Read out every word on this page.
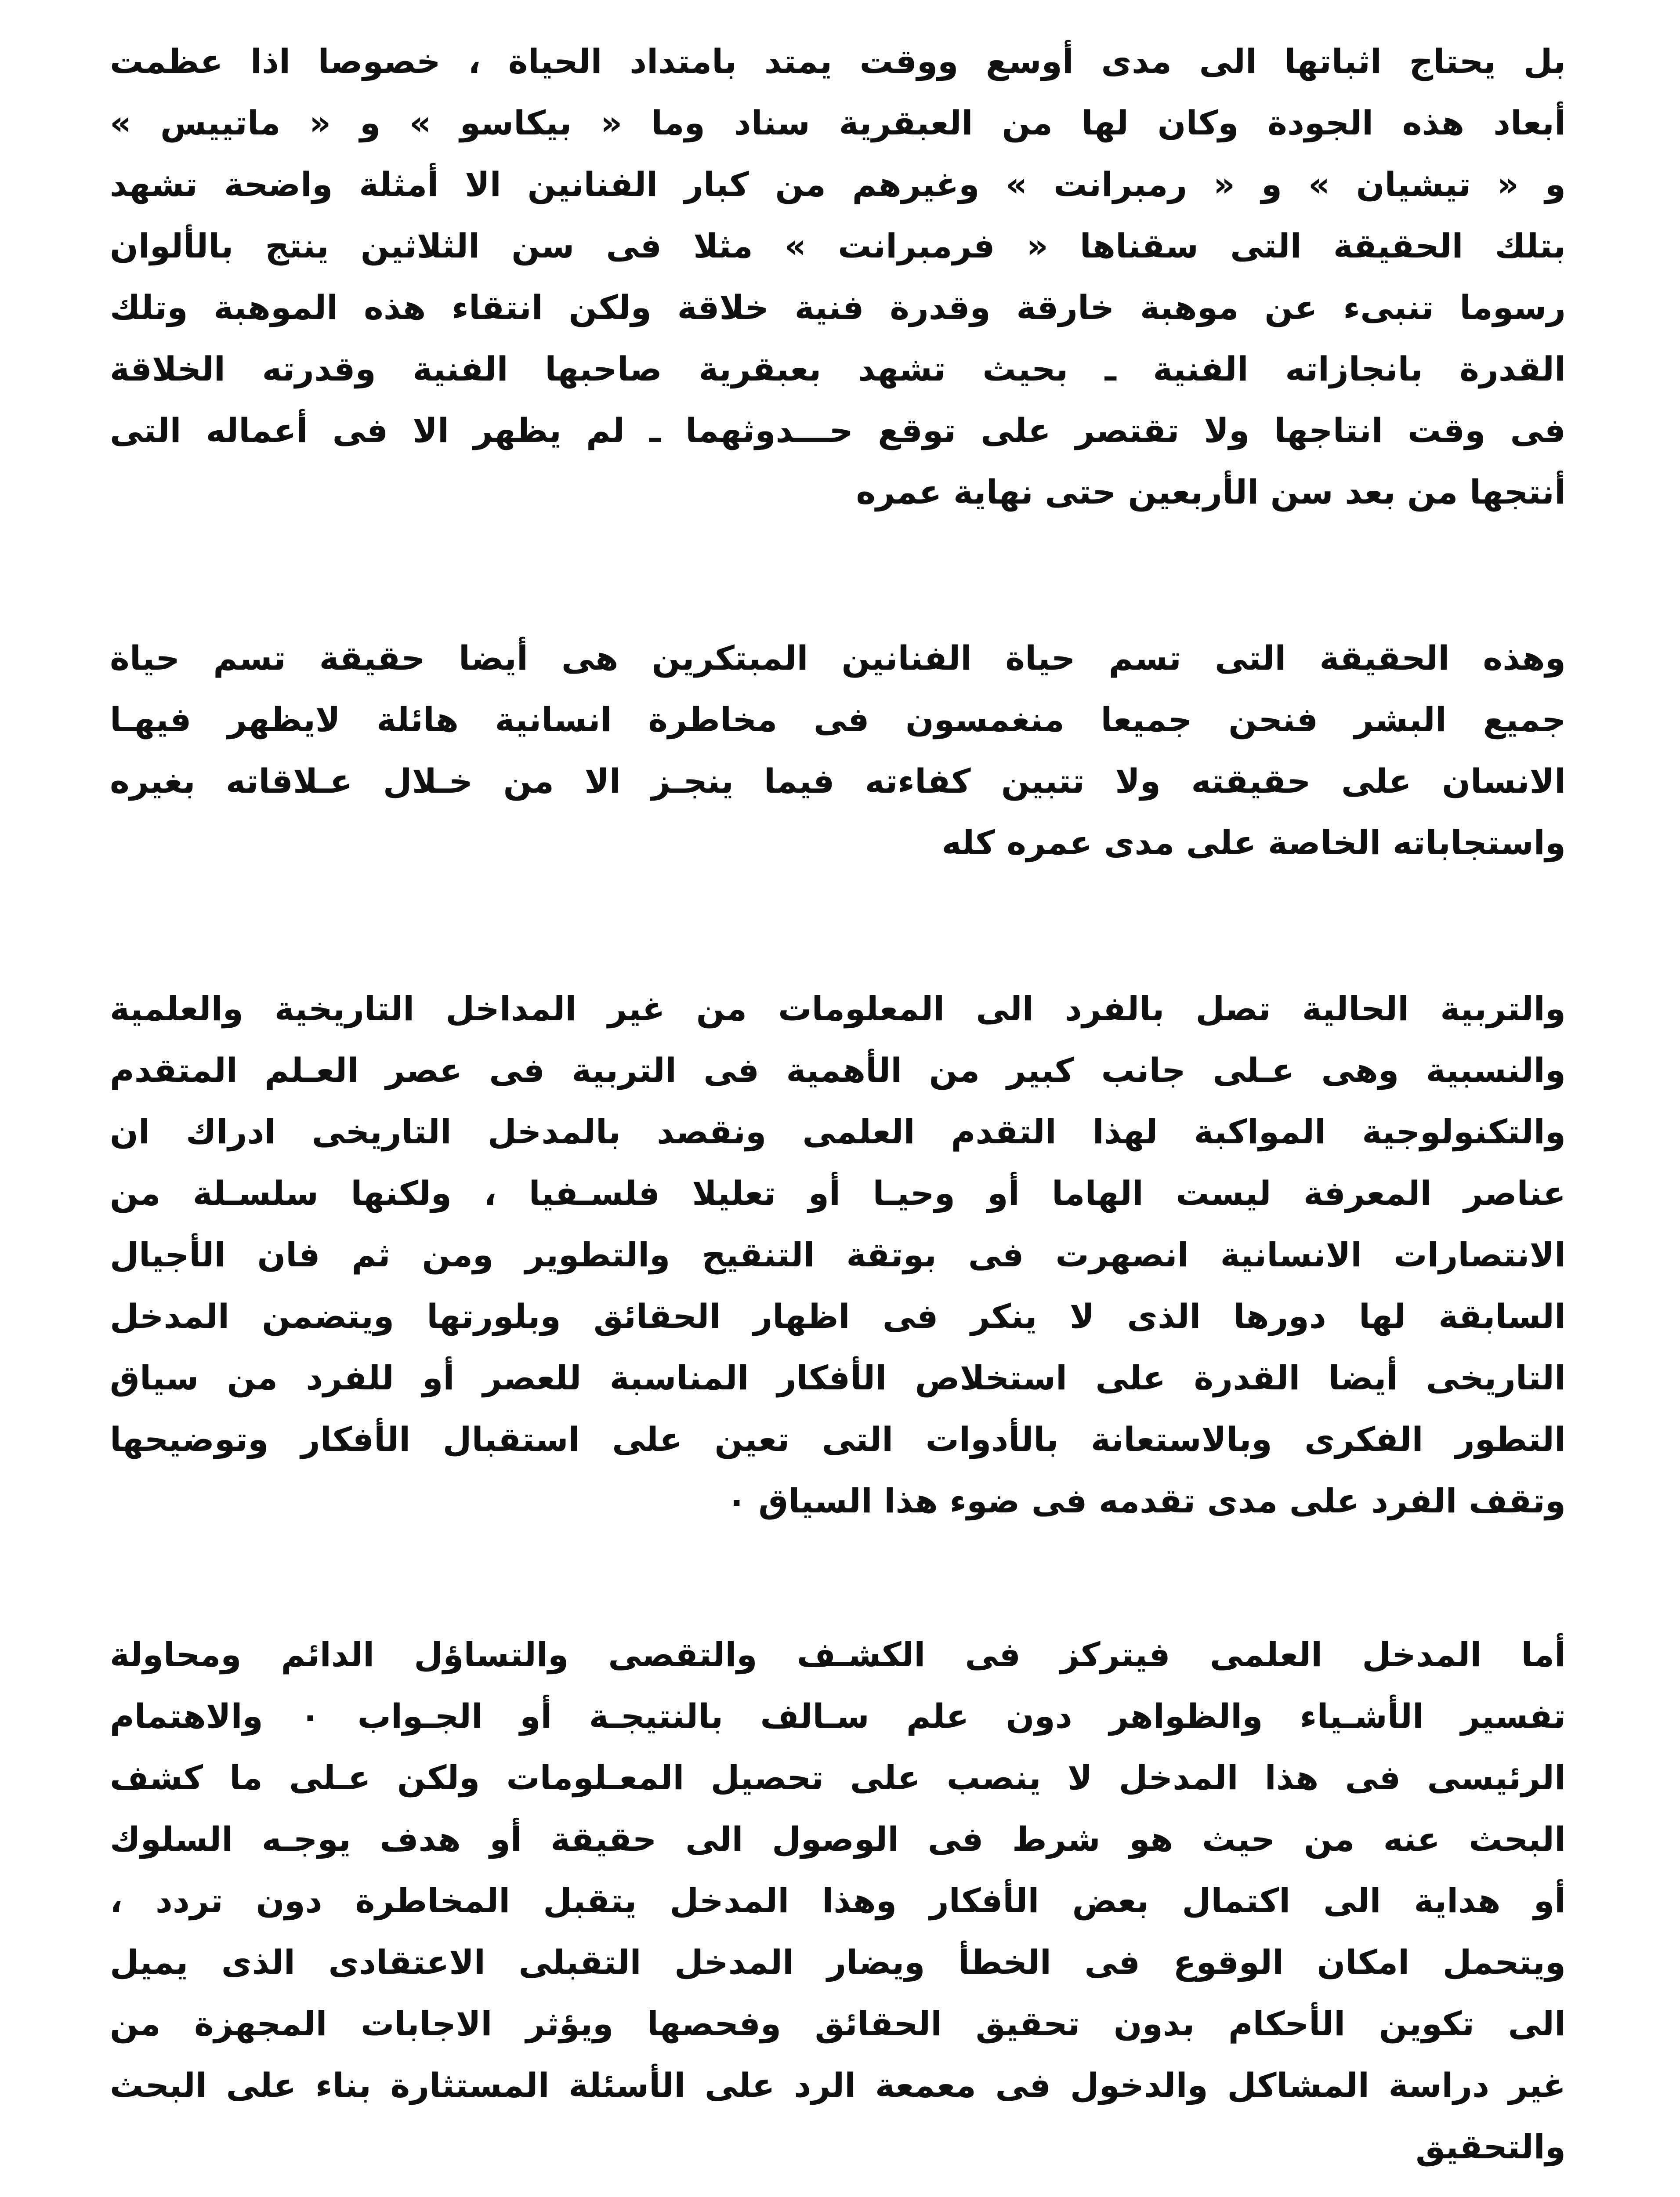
بل يحتاج اثباتها الى مدى أوسع ووقت يمتد بامتداد الحياة ، خصوصا اذا عظمت
أبعاد هذه الجودة وكان لها من العبقرية سناد وما « بيكاسو » و « ماتييس »
و « تيشيان » و « رمبرانت » وغيرهم من كبار الفنانين الا أمثلة واضحة تشهد
بتلك الحقيقة التى سقناها « فرمبرانت » مثلا فى سن الثلاثين ينتج بالألوان
رسوما تنبىء عن موهبة خارقة وقدرة فنية خلاقة ولكن انتقاء هذه الموهبة وتلك
القدرة بانجازاته الفنية ـ بحيث تشهد بعبقرية صاحبها الفنية وقدرته الخلاقة
فى وقت انتاجها ولا تقتصر على توقع حـــدوثهما ـ لم يظهر الا فى أعماله التى
أنتجها من بعد سن الأربعين حتى نهاية عمره
وهذه الحقيقة التى تسم حياة الفنانين المبتكرين هى أيضا حقيقة تسم حياة
جميع البشر فنحن جميعا منغمسون فى مخاطرة انسانية هائلة لايظهر فيهـا
الانسان على حقيقته ولا تتبين كفاءته فيما ينجـز الا من خـلال عـلاقاته بغيره
واستجاباته الخاصة على مدى عمره كله
والتربية الحالية تصل بالفرد الى المعلومات من غير المداخل التاريخية والعلمية
والنسبية وهى عـلى جانب كبير من الأهمية فى التربية فى عصر العـلم المتقدم
والتكنولوجية المواكبة لهذا التقدم العلمى ونقصد بالمدخل التاريخى ادراك ان
عناصر المعرفة ليست الهاما أو وحيـا أو تعليلا فلسـفيا ، ولكنها سلسـلة من
الانتصارات الانسانية انصهرت فى بوتقة التنقيح والتطوير ومن ثم فان الأجيال
السابقة لها دورها الذى لا ينكر فى اظهار الحقائق وبلورتها ويتضمن المدخل
التاريخى أيضا القدرة على استخلاص الأفكار المناسبة للعصر أو للفرد من سياق
التطور الفكرى وبالاستعانة بالأدوات التى تعين على استقبال الأفكار وتوضيحها
وتقف الفرد على مدى تقدمه فى ضوء هذا السياق ٠
أما المدخل العلمى فيتركز فى الكشـف والتقصى والتساؤل الدائم ومحاولة
تفسير الأشـياء والظواهر دون علم سـالف بالنتيجـة أو الجـواب ٠ والاهتمام
الرئيسى فى هذا المدخل لا ينصب على تحصيل المعـلومات ولكن عـلى ما كشف
البحث عنه من حيث هو شرط فى الوصول الى حقيقة أو هدف يوجـه السلوك
أو هداية الى اكتمال بعض الأفكار وهذا المدخل يتقبل المخاطرة دون تردد ،
ويتحمل امكان الوقوع فى الخطأ ويضار المدخل التقبلى الاعتقادى الذى يميل
الى تكوين الأحكام بدون تحقيق الحقائق وفحصها ويؤثر الاجابات المجهزة من
غير دراسة المشاكل والدخول فى معمعة الرد على الأسئلة المستثارة بناء على البحث
والتحقيق
